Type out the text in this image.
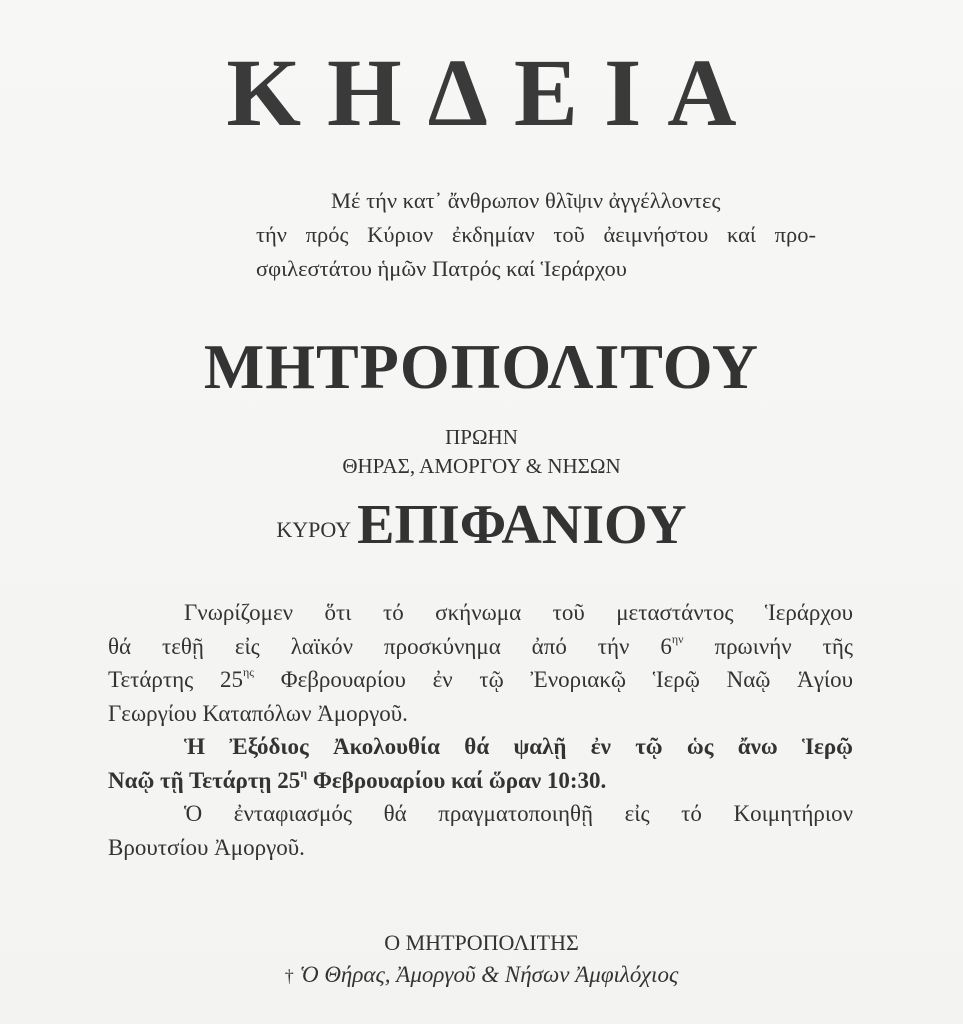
ΚΗΔΕΙΑ
Μέ τήν κατ᾽ ἄνθρωπον θλῖψιν ἀγγέλλοντες
τήν πρός Κύριον ἐκδημίαν τοῦ ἀειμνήστου καί προ-
σφιλεστάτου ἡμῶν Πατρός καί Ἱεράρχου
ΜΗΤΡΟΠΟΛΙΤΟΥ
ΠΡΩΗΝ
ΘΗΡΑΣ, ΑΜΟΡΓΟΥ & ΝΗΣΩΝ
ΚΥΡΟΥ ΕΠΙΦΑΝΙΟΥ

Γνωρίζομεν ὅτι τό σκήνωμα τοῦ μεταστάντος Ἱεράρχου
θά τεθῇ εἰς λαϊκόν προσκύνημα ἀπό τήν $6^{\eta\nu}$ πρωινήν τῆς
Τετάρτης $25^{\eta\varsigma}$ Φεβρουαρίου ἐν τῷ Ἐνοριακῷ Ἱερῷ Ναῷ Ἁγίου
Γεωργίου Καταπόλων Ἀμοργοῦ.

Ἡ Ἐξόδιος Ἀκολουθία θά ψαλῇ ἐν τῷ ὡς ἄνω Ἱερῷ
Ναῷ τῇ Τετάρτῃ $25^\eta$ Φεβρουαρίου καί ὥραν 10:30.

Ὁ ἐνταφιασμός θά πραγματοποιηθῇ εἰς τό Κοιμητήριον
Βρουτσίου Ἀμοργοῦ.

Ο ΜΗΤΡΟΠΟΛΙΤΗΣ
† Ὁ Θήρας, Ἀμοργοῦ & Νήσων Ἀμφιλόχιος
